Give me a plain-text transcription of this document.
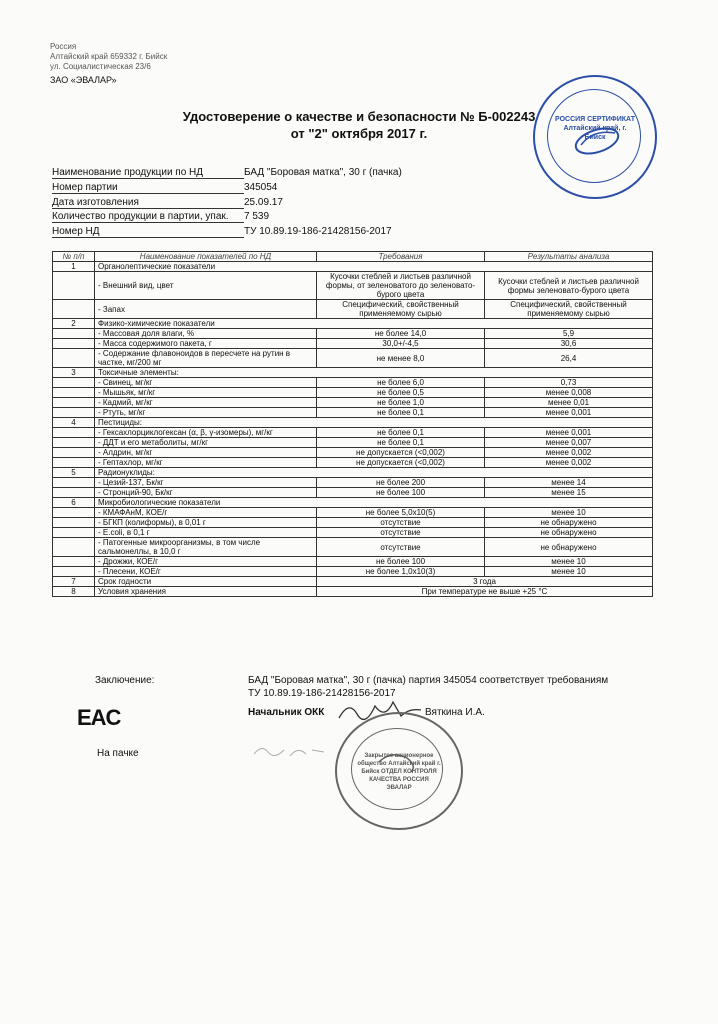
Россия
Алтайский край 659332 г. Бийск
ул. Социалистическая 23/6
ЗАО «ЭВАЛАР»
РОССИЯ СЕРТИФИКАТ Алтайский край, г. Бийск
Удостоверение о качестве и безопасности № Б-002243
от "2" октября 2017 г.
Наименование продукции по НД	БАД "Боровая матка", 30 г (пачка)
Номер партии	345054
Дата изготовления	25.09.17
Количество продукции в партии, упак.	7 539
Номер НД	ТУ 10.89.19-186-21428156-2017
№ п/п	Наименование показателей по НД	Требования	Результаты анализа
1	Органолептические показатели		
	- Внешний вид, цвет	Кусочки стеблей и листьев различной формы, от зеленоватого до зеленовато-бурого цвета	Кусочки стеблей и листьев различной формы зеленовато-бурого цвета
	- Запах	Специфический, свойственный применяемому сырью	Специфический, свойственный применяемому сырью
2	Физико-химические показатели		
	- Массовая доля влаги, %	не более 14,0	5,9
	- Масса содержимого пакета, г	30,0+/-4,5	30,6
	- Содержание флавоноидов в пересчете на рутин в частке, мг/200 мг	не менее 8,0	26,4
3	Токсичные элементы:		
	- Свинец, мг/кг	не более 6,0	0,73
	- Мышьяк, мг/кг	не более 0,5	менее 0,008
	- Кадмий, мг/кг	не более 1,0	менее 0,01
	- Ртуть, мг/кг	не более 0,1	менее 0,001
4	Пестициды:		
	- Гексахлорциклогексан (α, β, γ-изомеры), мг/кг	не более 0,1	менее 0,001
	- ДДТ и его метаболиты, мг/кг	не более 0,1	менее 0,007
	- Алдрин, мг/кг	не допускается (<0,002)	менее 0,002
	- Гептахлор, мг/кг	не допускается (<0,002)	менее 0,002
5	Радионуклиды:		
	- Цезий-137, Бк/кг	не более 200	менее 14
	- Стронций-90, Бк/кг	не более 100	менее 15
6	Микробиологические показатели		
	- КМАФАнМ, КОЕ/г	не более 5,0х10(5)	менее 10
	- БГКП (колиформы), в 0,01 г	отсутствие	не обнаружено
	- E.coli, в 0,1 г	отсутствие	не обнаружено
	- Патогенные микроорганизмы, в том числе сальмонеллы, в 10,0 г	отсутствие	не обнаружено
	- Дрожжи, КОЕ/г	не более 100	менее 10
	- Плесени, КОЕ/г	не более 1,0х10(3)	менее 10
7	Срок годности	3 года	
8	Условия хранения	При температуре не выше +25 °С	
Заключение:	БАД "Боровая матка", 30 г (пачка) партия 345054 соответствует требованиям
ТУ 10.89.19-186-21428156-2017
EAC	Начальник ОКК	Вяткина И.А.
На пачке	Закрытое акционерное общество Алтайский край г. Бийск ОТДЕЛ КОНТРОЛЯ КАЧЕСТВА РОССИЯ ЭВАЛАР
